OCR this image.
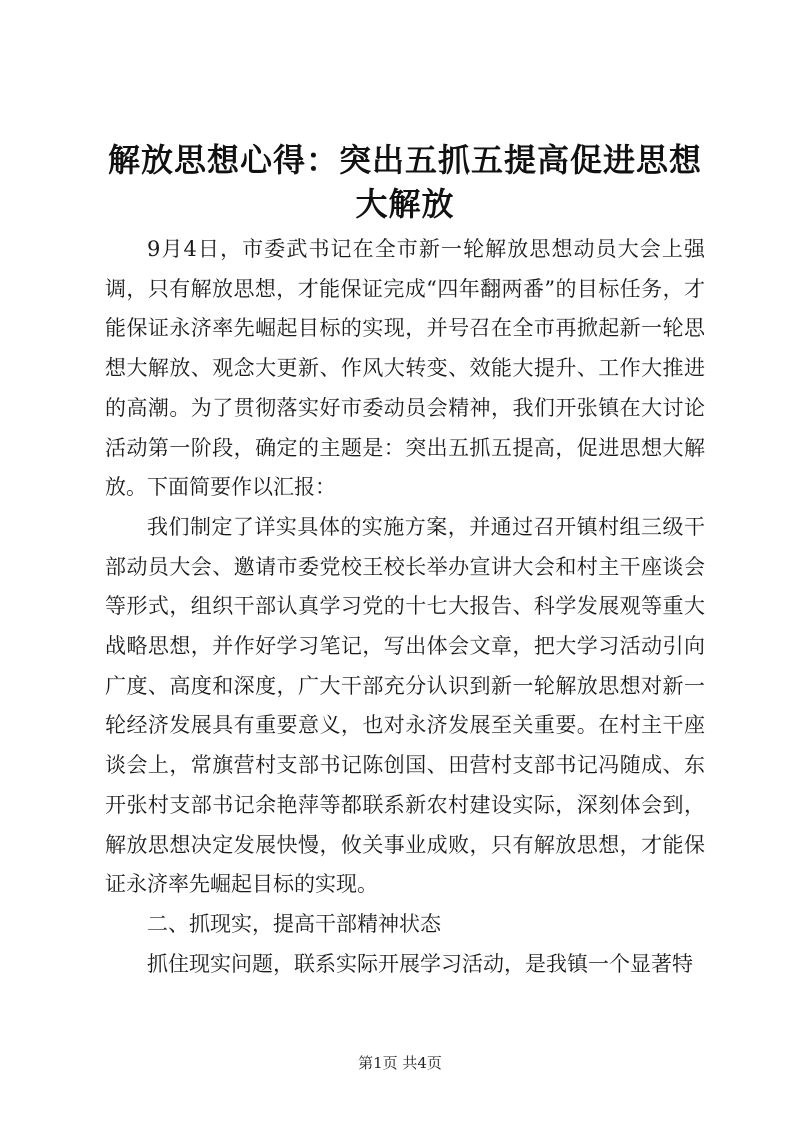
解放思想心得：突出五抓五提高促进思想大解放

9月4日，市委武书记在全市新一轮解放思想动员大会上强调，只有解放思想，才能保证完成“四年翻两番”的目标任务，才能保证永济率先崛起目标的实现，并号召在全市再掀起新一轮思想大解放、观念大更新、作风大转变、效能大提升、工作大推进的高潮。为了贯彻落实好市委动员会精神，我们开张镇在大讨论活动第一阶段，确定的主题是：突出五抓五提高，促进思想大解放。下面简要作以汇报：

我们制定了详实具体的实施方案，并通过召开镇村组三级干部动员大会、邀请市委党校王校长举办宣讲大会和村主干座谈会等形式，组织干部认真学习党的十七大报告、科学发展观等重大战略思想，并作好学习笔记，写出体会文章，把大学习活动引向广度、高度和深度，广大干部充分认识到新一轮解放思想对新一轮经济发展具有重要意义，也对永济发展至关重要。在村主干座谈会上，常旗营村支部书记陈创国、田营村支部书记冯随成、东开张村支部书记余艳萍等都联系新农村建设实际，深刻体会到，解放思想决定发展快慢，攸关事业成败，只有解放思想，才能保证永济率先崛起目标的实现。

二、抓现实，提高干部精神状态

抓住现实问题，联系实际开展学习活动，是我镇一个显著特

第1页 共4页
